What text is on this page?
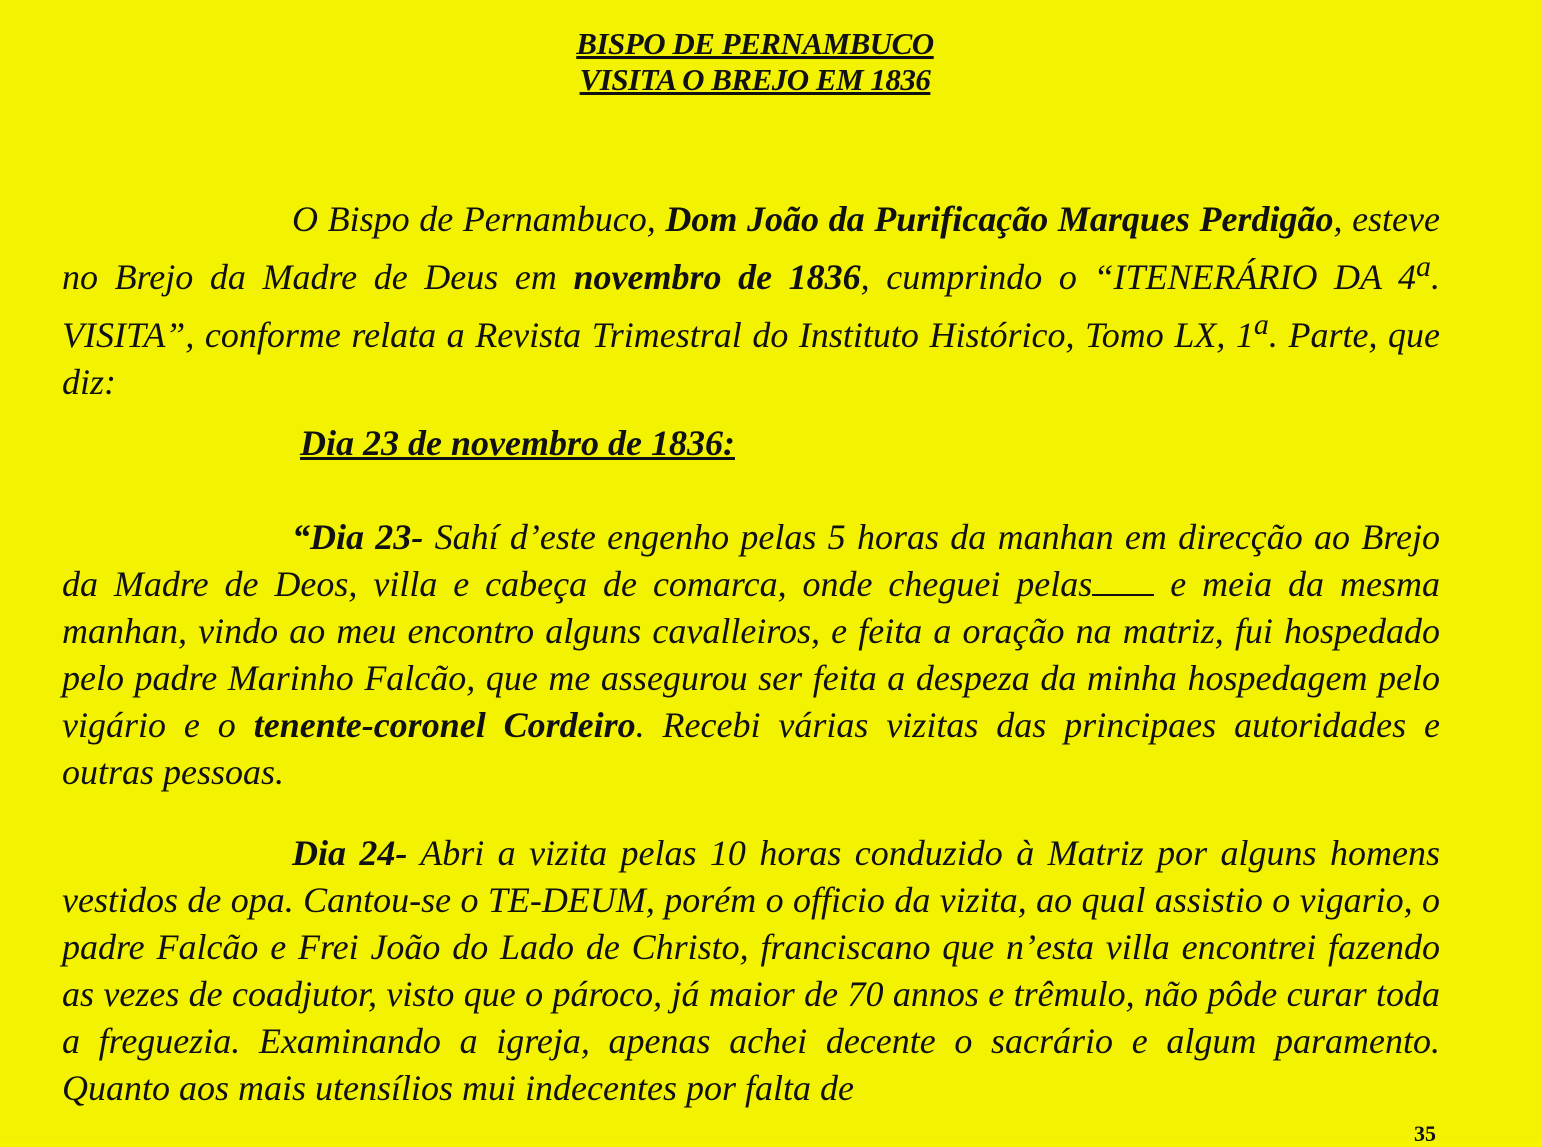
BISPO DE PERNAMBUCO
VISITA O BREJO EM 1836

O Bispo de Pernambuco, Dom João da Purificação Marques Perdigão, esteve no Brejo da Madre de Deus em novembro de 1836, cumprindo o “ITENERÁRIO DA 4$^a$. VISITA”, conforme relata a Revista Trimestral do Instituto Histórico, Tomo LX, 1$^a$. Parte, que diz:

Dia 23 de novembro de 1836:

“Dia 23- Sahí d’este engenho pelas 5 horas da manhan em direcção ao Brejo da Madre de Deos, villa e cabeça de comarca, onde cheguei pelas e meia da mesma manhan, vindo ao meu encontro alguns cavalleiros, e feita a oração na matriz, fui hospedado pelo padre Marinho Falcão, que me assegurou ser feita a despeza da minha hospedagem pelo vigário e o tenente-coronel Cordeiro. Recebi várias vizitas das principaes autoridades e outras pessoas.

Dia 24- Abri a vizita pelas 10 horas conduzido à Matriz por alguns homens vestidos de opa. Cantou-se o TE-DEUM, porém o officio da vizita, ao qual assistio o vigario, o padre Falcão e Frei João do Lado de Christo, franciscano que n’esta villa encontrei fazendo as vezes de coadjutor, visto que o pároco, já maior de 70 annos e trêmulo, não pôde curar toda a freguezia. Examinando a igreja, apenas achei decente o sacrário e algum paramento. Quanto aos mais utensílios mui indecentes por falta de

35
